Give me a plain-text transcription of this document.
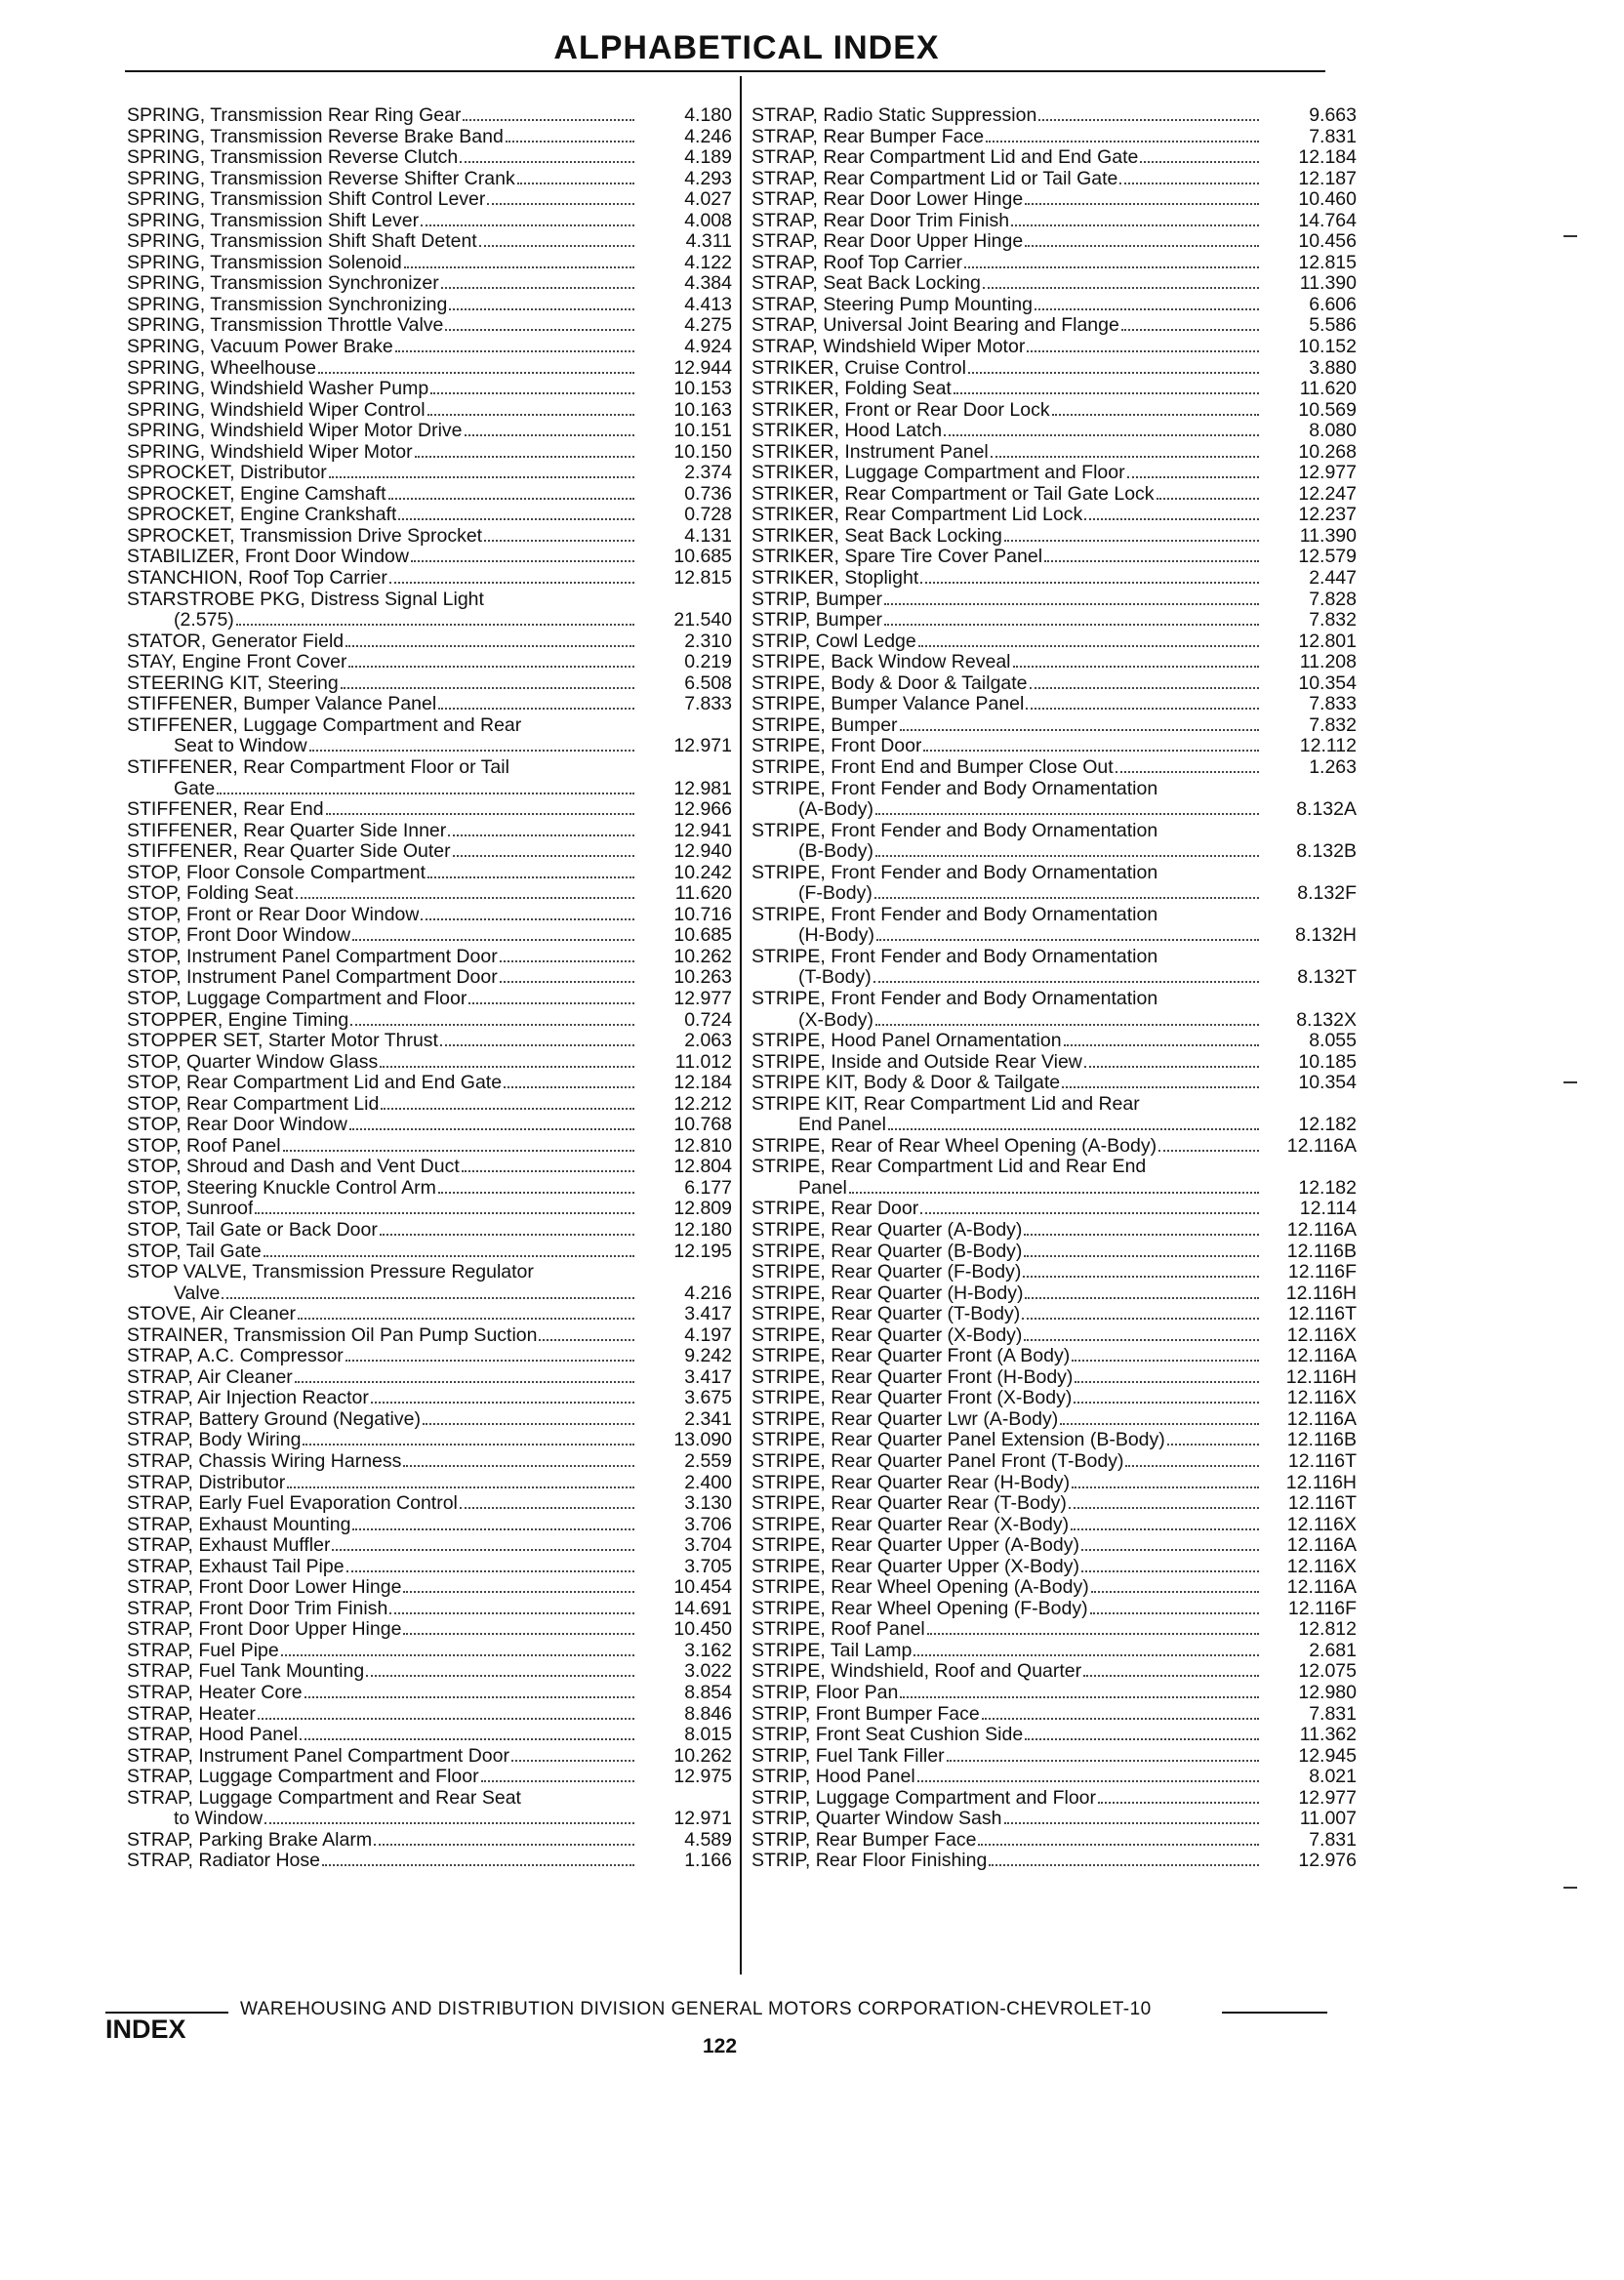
ALPHABETICAL INDEX
SPRING, Transmission Rear Ring Gear	4.180
SPRING, Transmission Reverse Brake Band	4.246
SPRING, Transmission Reverse Clutch	4.189
SPRING, Transmission Reverse Shifter Crank	4.293
SPRING, Transmission Shift Control Lever	4.027
SPRING, Transmission Shift Lever	4.008
SPRING, Transmission Shift Shaft Detent	4.311
SPRING, Transmission Solenoid	4.122
SPRING, Transmission Synchronizer	4.384
SPRING, Transmission Synchronizing	4.413
SPRING, Transmission Throttle Valve	4.275
SPRING, Vacuum Power Brake	4.924
SPRING, Wheelhouse	12.944
SPRING, Windshield Washer Pump	10.153
SPRING, Windshield Wiper Control	10.163
SPRING, Windshield Wiper Motor Drive	10.151
SPRING, Windshield Wiper Motor	10.150
SPROCKET, Distributor	2.374
SPROCKET, Engine Camshaft	0.736
SPROCKET, Engine Crankshaft	0.728
SPROCKET, Transmission Drive Sprocket	4.131
STABILIZER, Front Door Window	10.685
STANCHION, Roof Top Carrier	12.815
STARSTROBE PKG, Distress Signal Light
(2.575)	21.540
STATOR, Generator Field	2.310
STAY, Engine Front Cover	0.219
STEERING KIT, Steering	6.508
STIFFENER, Bumper Valance Panel	7.833
STIFFENER, Luggage Compartment and Rear
Seat to Window	12.971
STIFFENER, Rear Compartment Floor or Tail
Gate	12.981
STIFFENER, Rear End	12.966
STIFFENER, Rear Quarter Side Inner	12.941
STIFFENER, Rear Quarter Side Outer	12.940
STOP, Floor Console Compartment	10.242
STOP, Folding Seat	11.620
STOP, Front or Rear Door Window	10.716
STOP, Front Door Window	10.685
STOP, Instrument Panel Compartment Door	10.262
STOP, Instrument Panel Compartment Door	10.263
STOP, Luggage Compartment and Floor	12.977
STOPPER, Engine Timing	0.724
STOPPER SET, Starter Motor Thrust	2.063
STOP, Quarter Window Glass	11.012
STOP, Rear Compartment Lid and End Gate	12.184
STOP, Rear Compartment Lid	12.212
STOP, Rear Door Window	10.768
STOP, Roof Panel	12.810
STOP, Shroud and Dash and Vent Duct	12.804
STOP, Steering Knuckle Control Arm	6.177
STOP, Sunroof	12.809
STOP, Tail Gate or Back Door	12.180
STOP, Tail Gate	12.195
STOP VALVE, Transmission Pressure Regulator
Valve	4.216
STOVE, Air Cleaner	3.417
STRAINER, Transmission Oil Pan Pump Suction	4.197
STRAP, A.C. Compressor	9.242
STRAP, Air Cleaner	3.417
STRAP, Air Injection Reactor	3.675
STRAP, Battery Ground (Negative)	2.341
STRAP, Body Wiring	13.090
STRAP, Chassis Wiring Harness	2.559
STRAP, Distributor	2.400
STRAP, Early Fuel Evaporation Control	3.130
STRAP, Exhaust Mounting	3.706
STRAP, Exhaust Muffler	3.704
STRAP, Exhaust Tail Pipe	3.705
STRAP, Front Door Lower Hinge	10.454
STRAP, Front Door Trim Finish	14.691
STRAP, Front Door Upper Hinge	10.450
STRAP, Fuel Pipe	3.162
STRAP, Fuel Tank Mounting	3.022
STRAP, Heater Core	8.854
STRAP, Heater	8.846
STRAP, Hood Panel	8.015
STRAP, Instrument Panel Compartment Door	10.262
STRAP, Luggage Compartment and Floor	12.975
STRAP, Luggage Compartment and Rear Seat
to Window	12.971
STRAP, Parking Brake Alarm	4.589
STRAP, Radiator Hose	1.166
STRAP, Radio Static Suppression	9.663
STRAP, Rear Bumper Face	7.831
STRAP, Rear Compartment Lid and End Gate	12.184
STRAP, Rear Compartment Lid or Tail Gate	12.187
STRAP, Rear Door Lower Hinge	10.460
STRAP, Rear Door Trim Finish	14.764
STRAP, Rear Door Upper Hinge	10.456
STRAP, Roof Top Carrier	12.815
STRAP, Seat Back Locking	11.390
STRAP, Steering Pump Mounting	6.606
STRAP, Universal Joint Bearing and Flange	5.586
STRAP, Windshield Wiper Motor	10.152
STRIKER, Cruise Control	3.880
STRIKER, Folding Seat	11.620
STRIKER, Front or Rear Door Lock	10.569
STRIKER, Hood Latch	8.080
STRIKER, Instrument Panel	10.268
STRIKER, Luggage Compartment and Floor	12.977
STRIKER, Rear Compartment or Tail Gate Lock	12.247
STRIKER, Rear Compartment Lid Lock	12.237
STRIKER, Seat Back Locking	11.390
STRIKER, Spare Tire Cover Panel	12.579
STRIKER, Stoplight	2.447
STRIP, Bumper	7.828
STRIP, Bumper	7.832
STRIP, Cowl Ledge	12.801
STRIPE, Back Window Reveal	11.208
STRIPE, Body & Door & Tailgate	10.354
STRIPE, Bumper Valance Panel	7.833
STRIPE, Bumper	7.832
STRIPE, Front Door	12.112
STRIPE, Front End and Bumper Close Out	1.263
STRIPE, Front Fender and Body Ornamentation
(A-Body)	8.132A
STRIPE, Front Fender and Body Ornamentation
(B-Body)	8.132B
STRIPE, Front Fender and Body Ornamentation
(F-Body)	8.132F
STRIPE, Front Fender and Body Ornamentation
(H-Body)	8.132H
STRIPE, Front Fender and Body Ornamentation
(T-Body)	8.132T
STRIPE, Front Fender and Body Ornamentation
(X-Body)	8.132X
STRIPE, Hood Panel Ornamentation	8.055
STRIPE, Inside and Outside Rear View	10.185
STRIPE KIT, Body & Door & Tailgate	10.354
STRIPE KIT, Rear Compartment Lid and Rear
End Panel	12.182
STRIPE, Rear of Rear Wheel Opening (A-Body)	12.116A
STRIPE, Rear Compartment Lid and Rear End
Panel	12.182
STRIPE, Rear Door	12.114
STRIPE, Rear Quarter (A-Body)	12.116A
STRIPE, Rear Quarter (B-Body)	12.116B
STRIPE, Rear Quarter (F-Body)	12.116F
STRIPE, Rear Quarter (H-Body)	12.116H
STRIPE, Rear Quarter (T-Body)	12.116T
STRIPE, Rear Quarter (X-Body)	12.116X
STRIPE, Rear Quarter Front (A Body)	12.116A
STRIPE, Rear Quarter Front (H-Body)	12.116H
STRIPE, Rear Quarter Front (X-Body)	12.116X
STRIPE, Rear Quarter Lwr (A-Body)	12.116A
STRIPE, Rear Quarter Panel Extension (B-Body)	12.116B
STRIPE, Rear Quarter Panel Front (T-Body)	12.116T
STRIPE, Rear Quarter Rear (H-Body)	12.116H
STRIPE, Rear Quarter Rear (T-Body)	12.116T
STRIPE, Rear Quarter Rear (X-Body)	12.116X
STRIPE, Rear Quarter Upper (A-Body)	12.116A
STRIPE, Rear Quarter Upper (X-Body)	12.116X
STRIPE, Rear Wheel Opening (A-Body)	12.116A
STRIPE, Rear Wheel Opening (F-Body)	12.116F
STRIPE, Roof Panel	12.812
STRIPE, Tail Lamp	2.681
STRIPE, Windshield, Roof and Quarter	12.075
STRIP, Floor Pan	12.980
STRIP, Front Bumper Face	7.831
STRIP, Front Seat Cushion Side	11.362
STRIP, Fuel Tank Filler	12.945
STRIP, Hood Panel	8.021
STRIP, Luggage Compartment and Floor	12.977
STRIP, Quarter Window Sash	11.007
STRIP, Rear Bumper Face	7.831
STRIP, Rear Floor Finishing	12.976
WAREHOUSING AND DISTRIBUTION DIVISION GENERAL MOTORS CORPORATION-CHEVROLET-10
INDEX
122
